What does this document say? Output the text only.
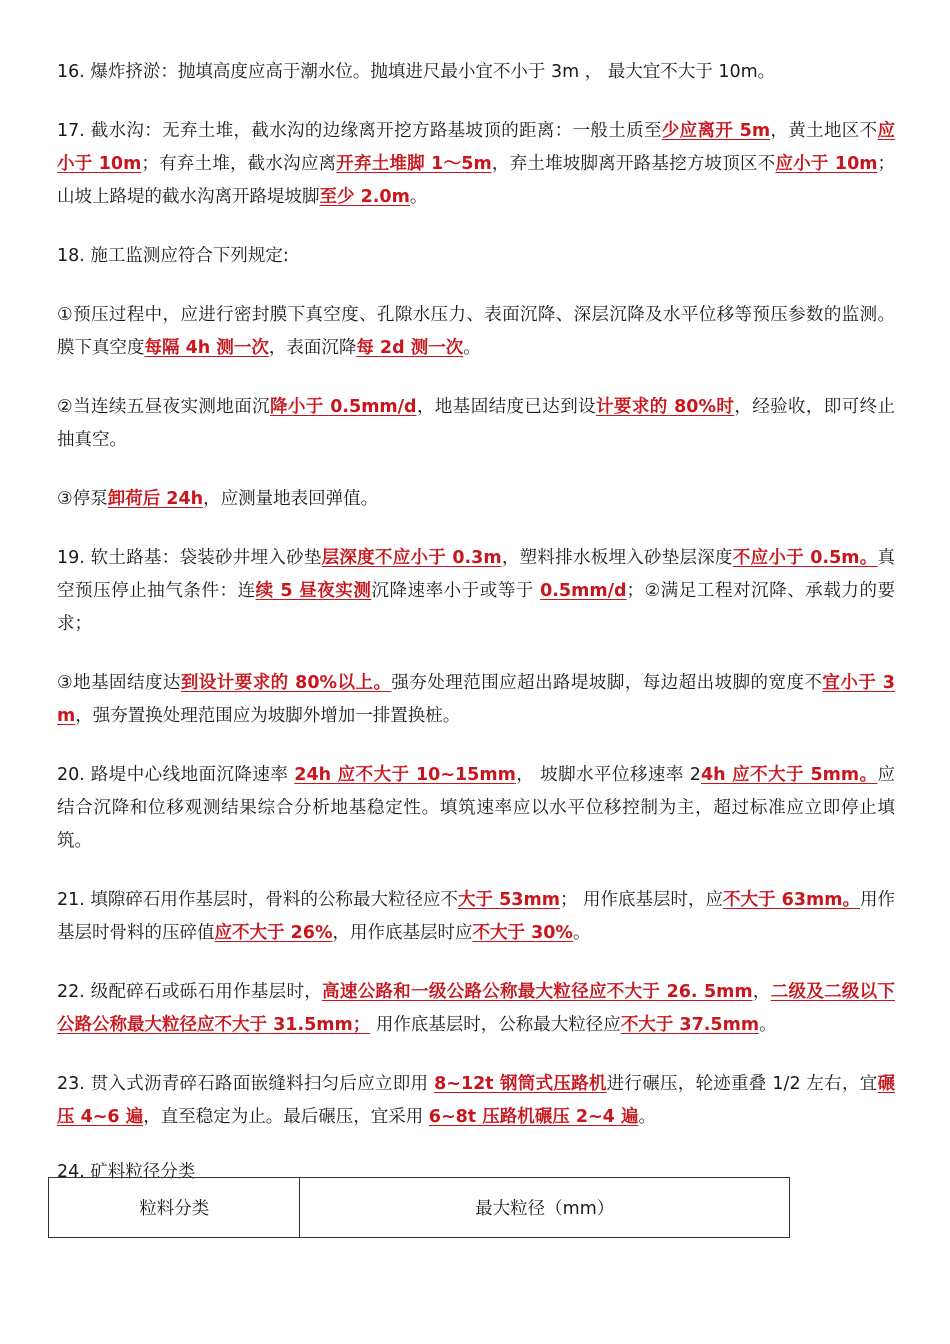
16. 爆炸挤淤：抛填高度应高于潮水位。抛填进尺最小宜不小于 3m ， 最大宜不大于 10m。

17. 截水沟：无弃土堆，截水沟的边缘离开挖方路基坡顶的距离：一般土质至少应离开 5m，黄土地区不应小于 10m；有弃土堆，截水沟应离开弃土堆脚 1～5m，弃土堆坡脚离开路基挖方坡顶区不应小于 10m；山坡上路堤的截水沟离开路堤坡脚至少 2.0m。

18. 施工监测应符合下列规定:

①预压过程中，应进行密封膜下真空度、孔隙水压力、表面沉降、深层沉降及水平位移等预压参数的监测。膜下真空度每隔 4h 测一次，表面沉降每 2d 测一次。

②当连续五昼夜实测地面沉降小于 0.5mm/d，地基固结度已达到设计要求的 80%时，经验收，即可终止抽真空。

③停泵卸荷后 24h，应测量地表回弹值。

19. 软土路基：袋装砂井埋入砂垫层深度不应小于 0.3m，塑料排水板埋入砂垫层深度不应小于 0.5m。真空预压停止抽气条件：连续 5 昼夜实测沉降速率小于或等于 0.5mm/d；②满足工程对沉降、承载力的要求；

③地基固结度达到设计要求的 80%以上。强夯处理范围应超出路堤坡脚，每边超出坡脚的宽度不宜小于 3m，强夯置换处理范围应为坡脚外增加一排置换桩。

20. 路堤中心线地面沉降速率 24h 应不大于 10~15mm， 坡脚水平位移速率 24h 应不大于 5mm。应结合沉降和位移观测结果综合分析地基稳定性。填筑速率应以水平位移控制为主，超过标准应立即停止填筑。

21. 填隙碎石用作基层时，骨料的公称最大粒径应不大于 53mm； 用作底基层时，应不大于 63mm。用作基层时骨料的压碎值应不大于 26%，用作底基层时应不大于 30%。

22. 级配碎石或砾石用作基层时，高速公路和一级公路公称最大粒径应不大于 26. 5mm，二级及二级以下公路公称最大粒径应不大于 31.5mm； 用作底基层时，公称最大粒径应不大于 37.5mm。

23. 贯入式沥青碎石路面嵌缝料扫匀后应立即用 8~12t 钢筒式压路机进行碾压，轮迹重叠 1/2 左右，宜碾压 4~6 遍，直至稳定为止。最后碾压，宜采用 6~8t 压路机碾压 2~4 遍。

24. 矿料粒径分类

粒料分类	最大粒径（mm）
